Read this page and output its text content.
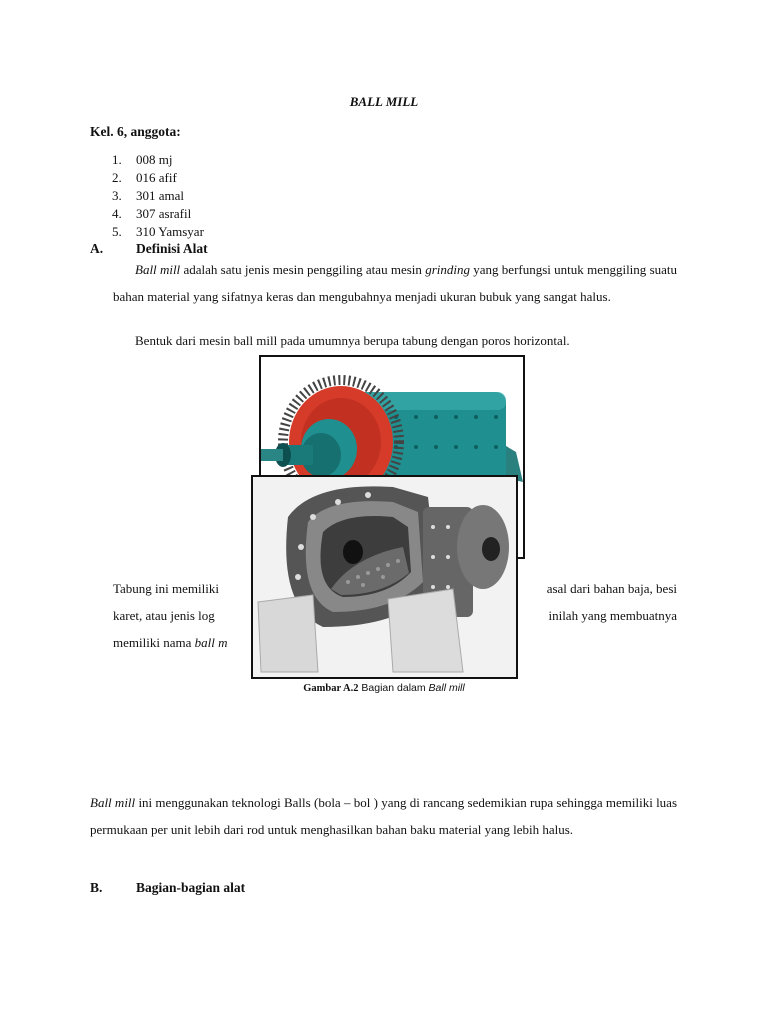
BALL MILL
Kel. 6, anggota:
1.	008 mj
2.	016 afif
3.	301 amal
4.	307 asrafil
5.	310 Yamsyar
A. Definisi Alat
Ball mill adalah satu jenis mesin penggiling atau mesin grinding yang berfungsi untuk menggiling suatu bahan material yang sifatnya keras dan mengubahnya menjadi ukuran bubuk yang sangat halus.
Bentuk dari mesin ball mill pada umumnya berupa tabung dengan poros horizontal.
Tabung ini memiliki	asal dari bahan baja, besi
karet, atau jenis log	inilah yang membuatnya
memiliki nama ball m
Gambar A.2 Bagian dalam Ball mill
Ball mill ini menggunakan teknologi Balls (bola – bol ) yang di rancang sedemikian rupa sehingga memiliki luas permukaan per unit lebih dari rod untuk menghasilkan bahan baku material yang lebih halus.
B. Bagian-bagian alat
